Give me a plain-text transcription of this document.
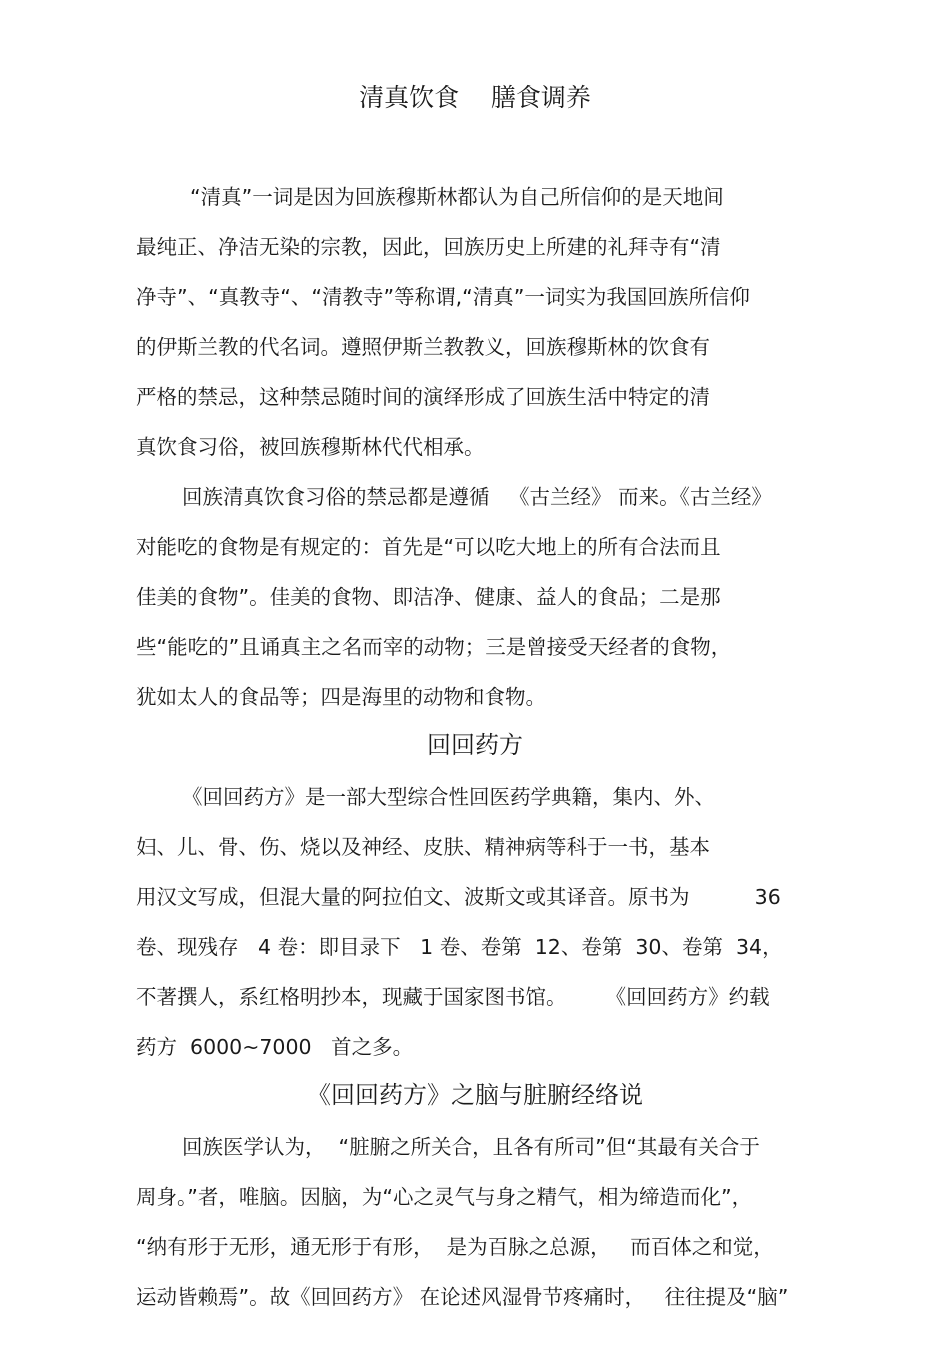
清真饮食    膳食调养
“清真”一词是因为回族穆斯林都认为自己所信仰的是天地间
最纯正、净洁无染的宗教，因此，回族历史上所建的礼拜寺有“清
净寺”、“真教寺“、“清教寺”等称谓,“清真”一词实为我国回族所信仰
的伊斯兰教的代名词。遵照伊斯兰教教义，回族穆斯林的饮食有
严格的禁忌，这种禁忌随时间的演绎形成了回族生活中特定的清
真饮食习俗，被回族穆斯林代代相承。
回族清真饮食习俗的禁忌都是遵循   《古兰经》 而来。《古兰经》
对能吃的食物是有规定的：首先是“可以吃大地上的所有合法而且
佳美的食物”。佳美的食物、即洁净、健康、益人的食品；二是那
些“能吃的”且诵真主之名而宰的动物；三是曾接受天经者的食物，
犹如太人的食品等；四是海里的动物和食物。
回回药方
《回回药方》是一部大型综合性回医药学典籍，集内、外、
妇、儿、骨、伤、烧以及神经、皮肤、精神病等科于一书，基本
用汉文写成，但混大量的阿拉伯文、波斯文或其译音。原书为          36
卷、现残存   4 卷：即目录下   1 卷、卷第  12、卷第  30、卷第  34，
不著撰人，系红格明抄本，现藏于国家图书馆。      《回回药方》约载
药方  6000~7000   首之多。
《回回药方》之脑与脏腑经络说
回族医学认为，  “脏腑之所关合，且各有所司”但“其最有关合于
周身。”者，唯脑。因脑，为“心之灵气与身之精气，相为缔造而化”，
“纳有形于无形，通无形于有形，  是为百脉之总源，   而百体之和觉，
运动皆赖焉”。故《回回药方》 在论述风湿骨节疼痛时，   往往提及“脑”
